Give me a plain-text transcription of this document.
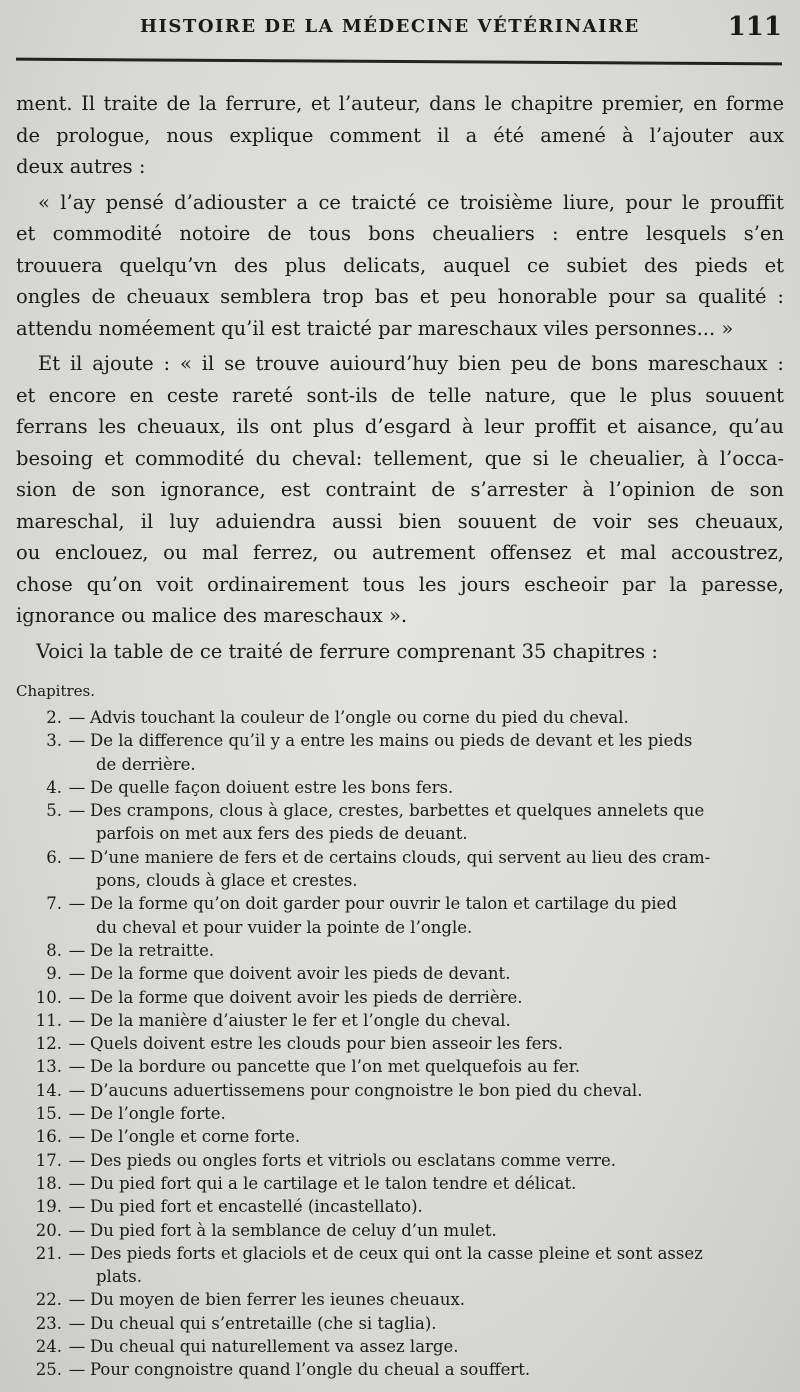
HISTOIRE DE LA MÉDECINE VÉTÉRINAIRE	111
ment. Il traite de la ferrure, et l’auteur, dans le chapitre premier, en forme
de prologue, nous explique comment il a été amené à l’ajouter aux
deux autres :
« l’ay pensé d’adiouster a ce traicté ce troisième liure, pour le prouffit
et commodité notoire de tous bons cheualiers : entre lesquels s’en
trouuera quelqu’vn des plus delicats, auquel ce subiet des pieds et
ongles de cheuaux semblera trop bas et peu honorable pour sa qualité :
attendu noméement qu’il est traicté par mareschaux viles personnes... »
Et il ajoute : « il se trouve auiourd’huy bien peu de bons mareschaux :
et encore en ceste rareté sont-ils de telle nature, que le plus souuent
ferrans les cheuaux, ils ont plus d’esgard à leur proffit et aisance, qu’au
besoing et commodité du cheval: tellement, que si le cheualier, à l’occa-
sion de son ignorance, est contraint de s’arrester à l’opinion de son
mareschal, il luy aduiendra aussi bien souuent de voir ses cheuaux,
ou enclouez, ou mal ferrez, ou autrement offensez et mal accoustrez,
chose qu’on voit ordinairement tous les jours escheoir par la paresse,
ignorance ou malice des mareschaux ».
Voici la table de ce traité de ferrure comprenant 35 chapitres :
Chapitres.
2. — Advis touchant la couleur de l’ongle ou corne du pied du cheval.
3. — De la difference qu’il y a entre les mains ou pieds de devant et les pieds
de derrière.
4. — De quelle façon doiuent estre les bons fers.
5. — Des crampons, clous à glace, crestes, barbettes et quelques annelets que
parfois on met aux fers des pieds de deuant.
6. — D’une maniere de fers et de certains clouds, qui servent au lieu des cram-
pons, clouds à glace et crestes.
7. — De la forme qu’on doit garder pour ouvrir le talon et cartilage du pied
du cheval et pour vuider la pointe de l’ongle.
8. — De la retraitte.
9. — De la forme que doivent avoir les pieds de devant.
10. — De la forme que doivent avoir les pieds de derrière.
11. — De la manière d’aiuster le fer et l’ongle du cheval.
12. — Quels doivent estre les clouds pour bien asseoir les fers.
13. — De la bordure ou pancette que l’on met quelquefois au fer.
14. — D’aucuns aduertissemens pour congnoistre le bon pied du cheval.
15. — De l’ongle forte.
16. — De l’ongle et corne forte.
17. — Des pieds ou ongles forts et vitriols ou esclatans comme verre.
18. — Du pied fort qui a le cartilage et le talon tendre et délicat.
19. — Du pied fort et encastellé (incastellato).
20. — Du pied fort à la semblance de celuy d’un mulet.
21. — Des pieds forts et glaciols et de ceux qui ont la casse pleine et sont assez
plats.
22. — Du moyen de bien ferrer les ieunes cheuaux.
23. — Du cheual qui s’entretaille (che si taglia).
24. — Du cheual qui naturellement va assez large.
25. — Pour congnoistre quand l’ongle du cheual a souffert.
